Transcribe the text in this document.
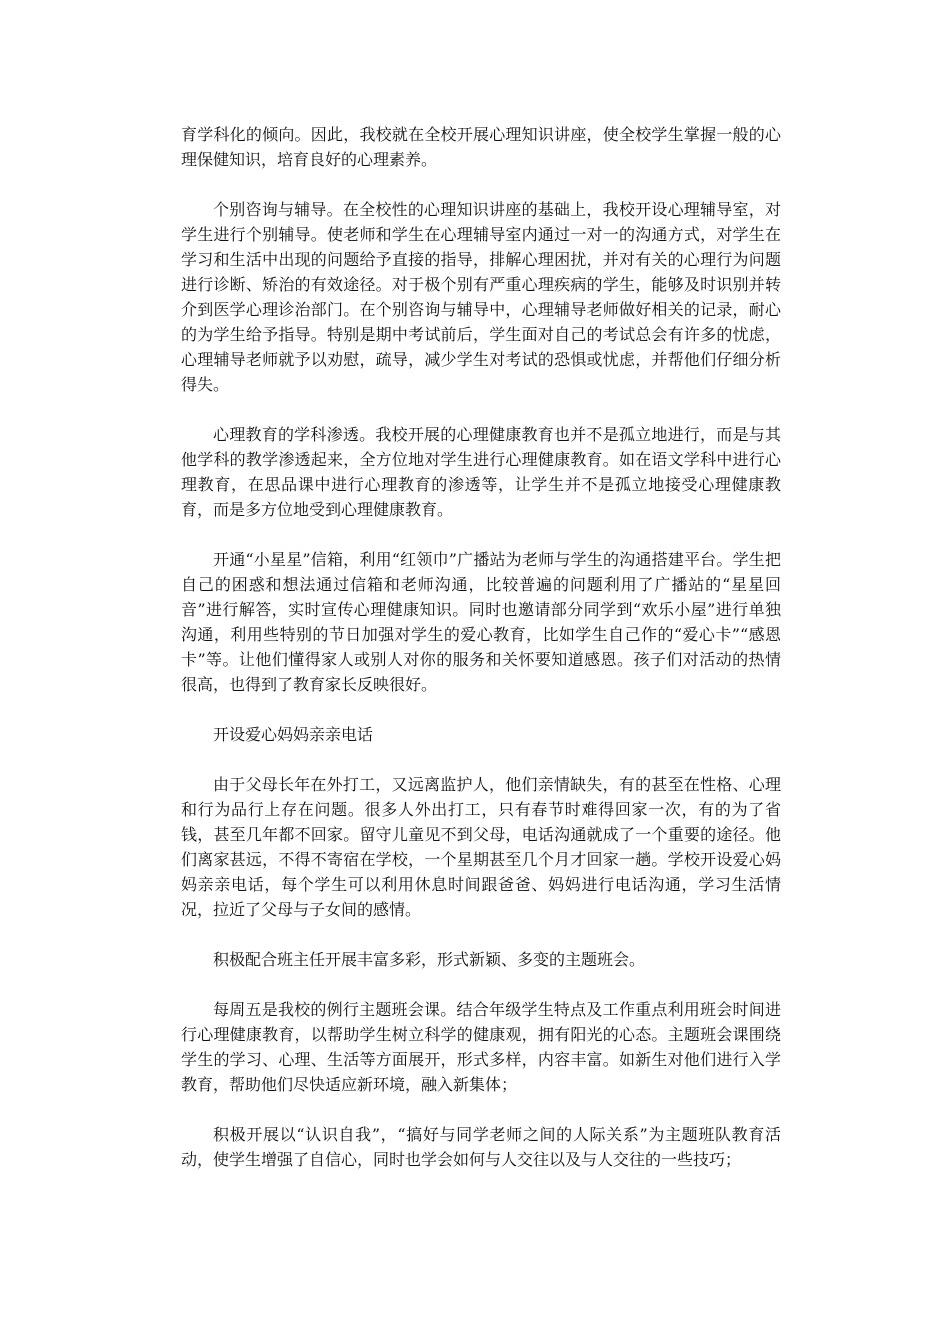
育学科化的倾向。因此，我校就在全校开展心理知识讲座，使全校学生掌握一般的心理保健知识，培育良好的心理素养。

个别咨询与辅导。在全校性的心理知识讲座的基础上，我校开设心理辅导室，对学生进行个别辅导。使老师和学生在心理辅导室内通过一对一的沟通方式，对学生在学习和生活中出现的问题给予直接的指导，排解心理困扰，并对有关的心理行为问题进行诊断、矫治的有效途径。对于极个别有严重心理疾病的学生，能够及时识别并转介到医学心理诊治部门。在个别咨询与辅导中，心理辅导老师做好相关的记录，耐心的为学生给予指导。特别是期中考试前后，学生面对自己的考试总会有许多的忧虑，心理辅导老师就予以劝慰，疏导，减少学生对考试的恐惧或忧虑，并帮他们仔细分析得失。

心理教育的学科渗透。我校开展的心理健康教育也并不是孤立地进行，而是与其他学科的教学渗透起来，全方位地对学生进行心理健康教育。如在语文学科中进行心理教育，在思品课中进行心理教育的渗透等，让学生并不是孤立地接受心理健康教育，而是多方位地受到心理健康教育。

开通“小星星”信箱，利用“红领巾”广播站为老师与学生的沟通搭建平台。学生把自己的困惑和想法通过信箱和老师沟通，比较普遍的问题利用了广播站的“星星回音”进行解答，实时宣传心理健康知识。同时也邀请部分同学到“欢乐小屋”进行单独沟通，利用些特别的节日加强对学生的爱心教育，比如学生自己作的“爱心卡”“感恩卡”等。让他们懂得家人或别人对你的服务和关怀要知道感恩。孩子们对活动的热情很高，也得到了教育家长反映很好。

开设爱心妈妈亲亲电话

由于父母长年在外打工，又远离监护人，他们亲情缺失，有的甚至在性格、心理和行为品行上存在问题。很多人外出打工，只有春节时难得回家一次，有的为了省钱，甚至几年都不回家。留守儿童见不到父母，电话沟通就成了一个重要的途径。他们离家甚远，不得不寄宿在学校，一个星期甚至几个月才回家一趟。学校开设爱心妈妈亲亲电话，每个学生可以利用休息时间跟爸爸、妈妈进行电话沟通，学习生活情况，拉近了父母与子女间的感情。

积极配合班主任开展丰富多彩，形式新颖、多变的主题班会。

每周五是我校的例行主题班会课。结合年级学生特点及工作重点利用班会时间进行心理健康教育，以帮助学生树立科学的健康观，拥有阳光的心态。主题班会课围绕学生的学习、心理、生活等方面展开，形式多样，内容丰富。如新生对他们进行入学教育，帮助他们尽快适应新环境，融入新集体；

积极开展以“认识自我”，“搞好与同学老师之间的人际关系”为主题班队教育活动，使学生增强了自信心，同时也学会如何与人交往以及与人交往的一些技巧；
